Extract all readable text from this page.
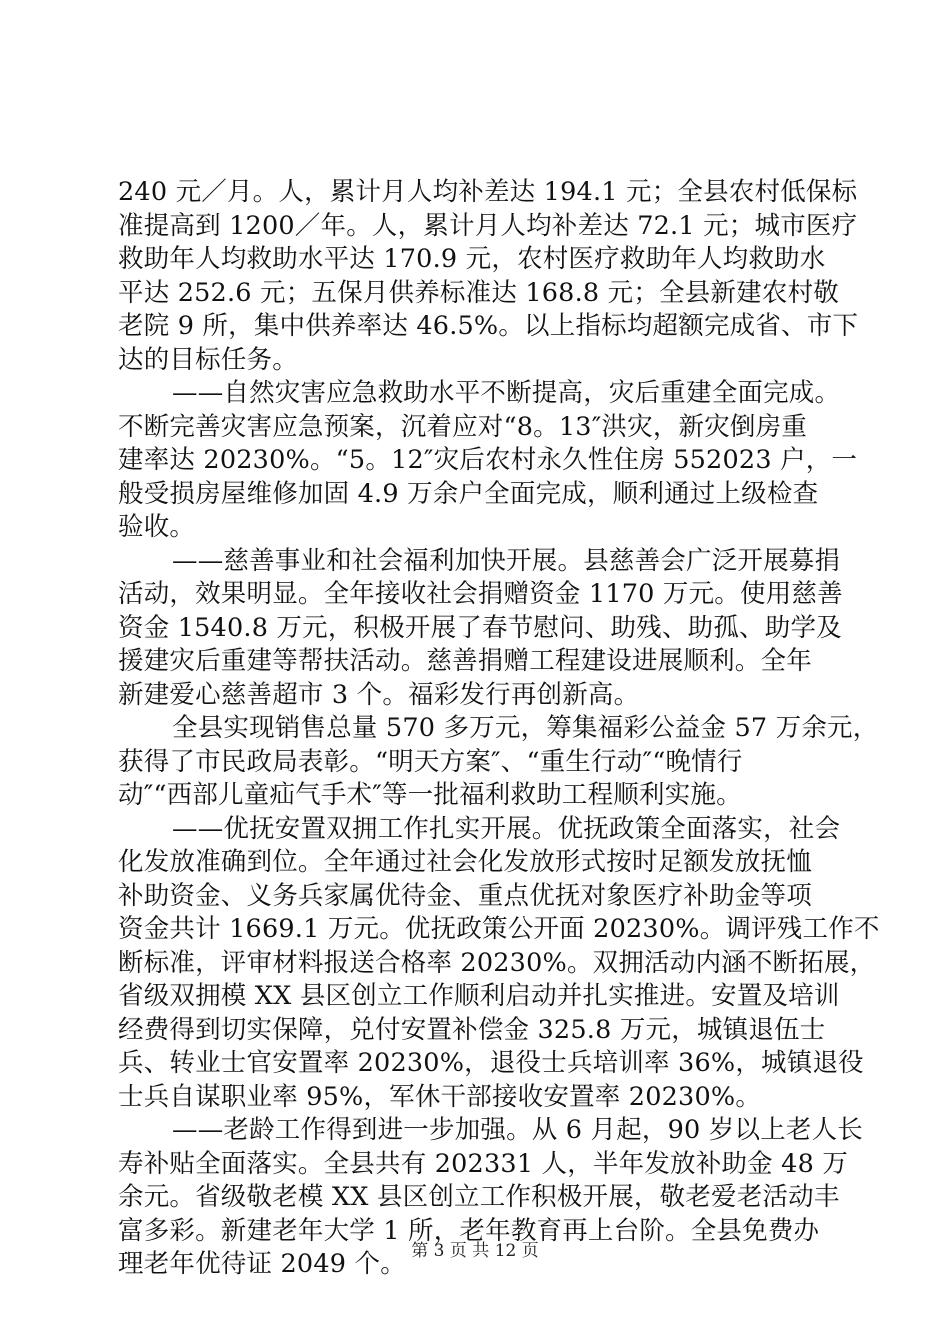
240 元／月。人，累计月人均补差达 194.1 元；全县农村低保标
准提高到 1200／年。人，累计月人均补差达 72.1 元；城市医疗
救助年人均救助水平达 170.9 元，农村医疗救助年人均救助水
平达 252.6 元；五保月供养标准达 168.8 元；全县新建农村敬
老院 9 所，集中供养率达 46.5%。以上指标均超额完成省、市下
达的目标任务。
——自然灾害应急救助水平不断提高，灾后重建全面完成。
不断完善灾害应急预案，沉着应对“8。13″洪灾，新灾倒房重
建率达 20230%。“5。12″灾后农村永久性住房 552023 户，一
般受损房屋维修加固 4.9 万余户全面完成，顺利通过上级检查
验收。
——慈善事业和社会福利加快开展。县慈善会广泛开展募捐
活动，效果明显。全年接收社会捐赠资金 1170 万元。使用慈善
资金 1540.8 万元，积极开展了春节慰问、助残、助孤、助学及
援建灾后重建等帮扶活动。慈善捐赠工程建设进展顺利。全年
新建爱心慈善超市 3 个。福彩发行再创新高。
全县实现销售总量 570 多万元，筹集福彩公益金 57 万余元，
获得了市民政局表彰。“明天方案″、“重生行动″“晚情行
动″“西部儿童疝气手术″等一批福利救助工程顺利实施。
——优抚安置双拥工作扎实开展。优抚政策全面落实，社会
化发放准确到位。全年通过社会化发放形式按时足额发放抚恤
补助资金、义务兵家属优待金、重点优抚对象医疗补助金等项
资金共计 1669.1 万元。优抚政策公开面 20230%。调评残工作不
断标准，评审材料报送合格率 20230%。双拥活动内涵不断拓展，
省级双拥模 XX 县区创立工作顺利启动并扎实推进。安置及培训
经费得到切实保障，兑付安置补偿金 325.8 万元，城镇退伍士
兵、转业士官安置率 20230%，退役士兵培训率 36%，城镇退役
士兵自谋职业率 95%，军休干部接收安置率 20230%。
——老龄工作得到进一步加强。从 6 月起，90 岁以上老人长
寿补贴全面落实。全县共有 202331 人，半年发放补助金 48 万
余元。省级敬老模 XX 县区创立工作积极开展，敬老爱老活动丰
富多彩。新建老年大学 1 所，老年教育再上台阶。全县免费办
理老年优待证 2049 个。 第 3 页 共 12 页
